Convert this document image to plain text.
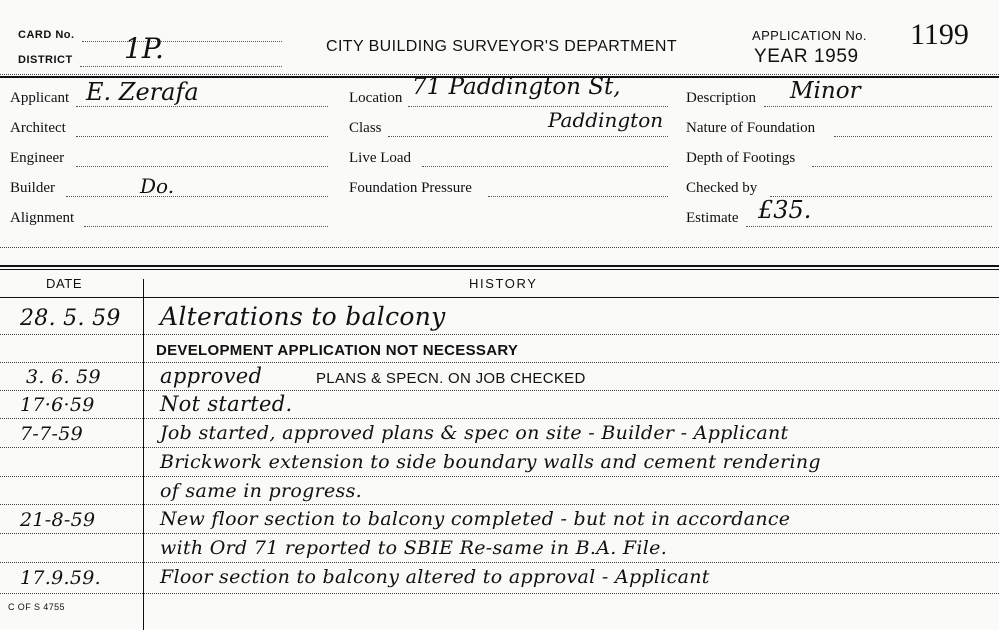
CARD No.
DISTRICT 1P.	CITY BUILDING SURVEYOR'S DEPARTMENT
APPLICATION No. 1199
YEAR 1959
Applicant E. Zerafa
Architect
Engineer
Builder	Do.
Alignment
Location 71 Paddington St,
Class	Paddington
Live Load
Foundation Pressure
Description Minor
Nature of Foundation
Depth of Footings
Checked by
Estimate £35.
DATE	HISTORY
28. 5. 59 Alterations to balcony
DEVELOPMENT APPLICATION NOT NECESSARY
3. 6. 59	approved	PLANS & SPECN. ON JOB CHECKED
17·6·59	Not started.
7-7-59	Job started, approved plans & spec on site - Builder - Applicant
Brickwork extension to side boundary walls and cement rendering
of same in progress.
21-8-59	New floor section to balcony completed - but not in accordance
with Ord 71 reported to SBIE Re-same in B.A. File.
17.9.59.	Floor section to balcony altered to approval - Applicant
C OF S 4755
